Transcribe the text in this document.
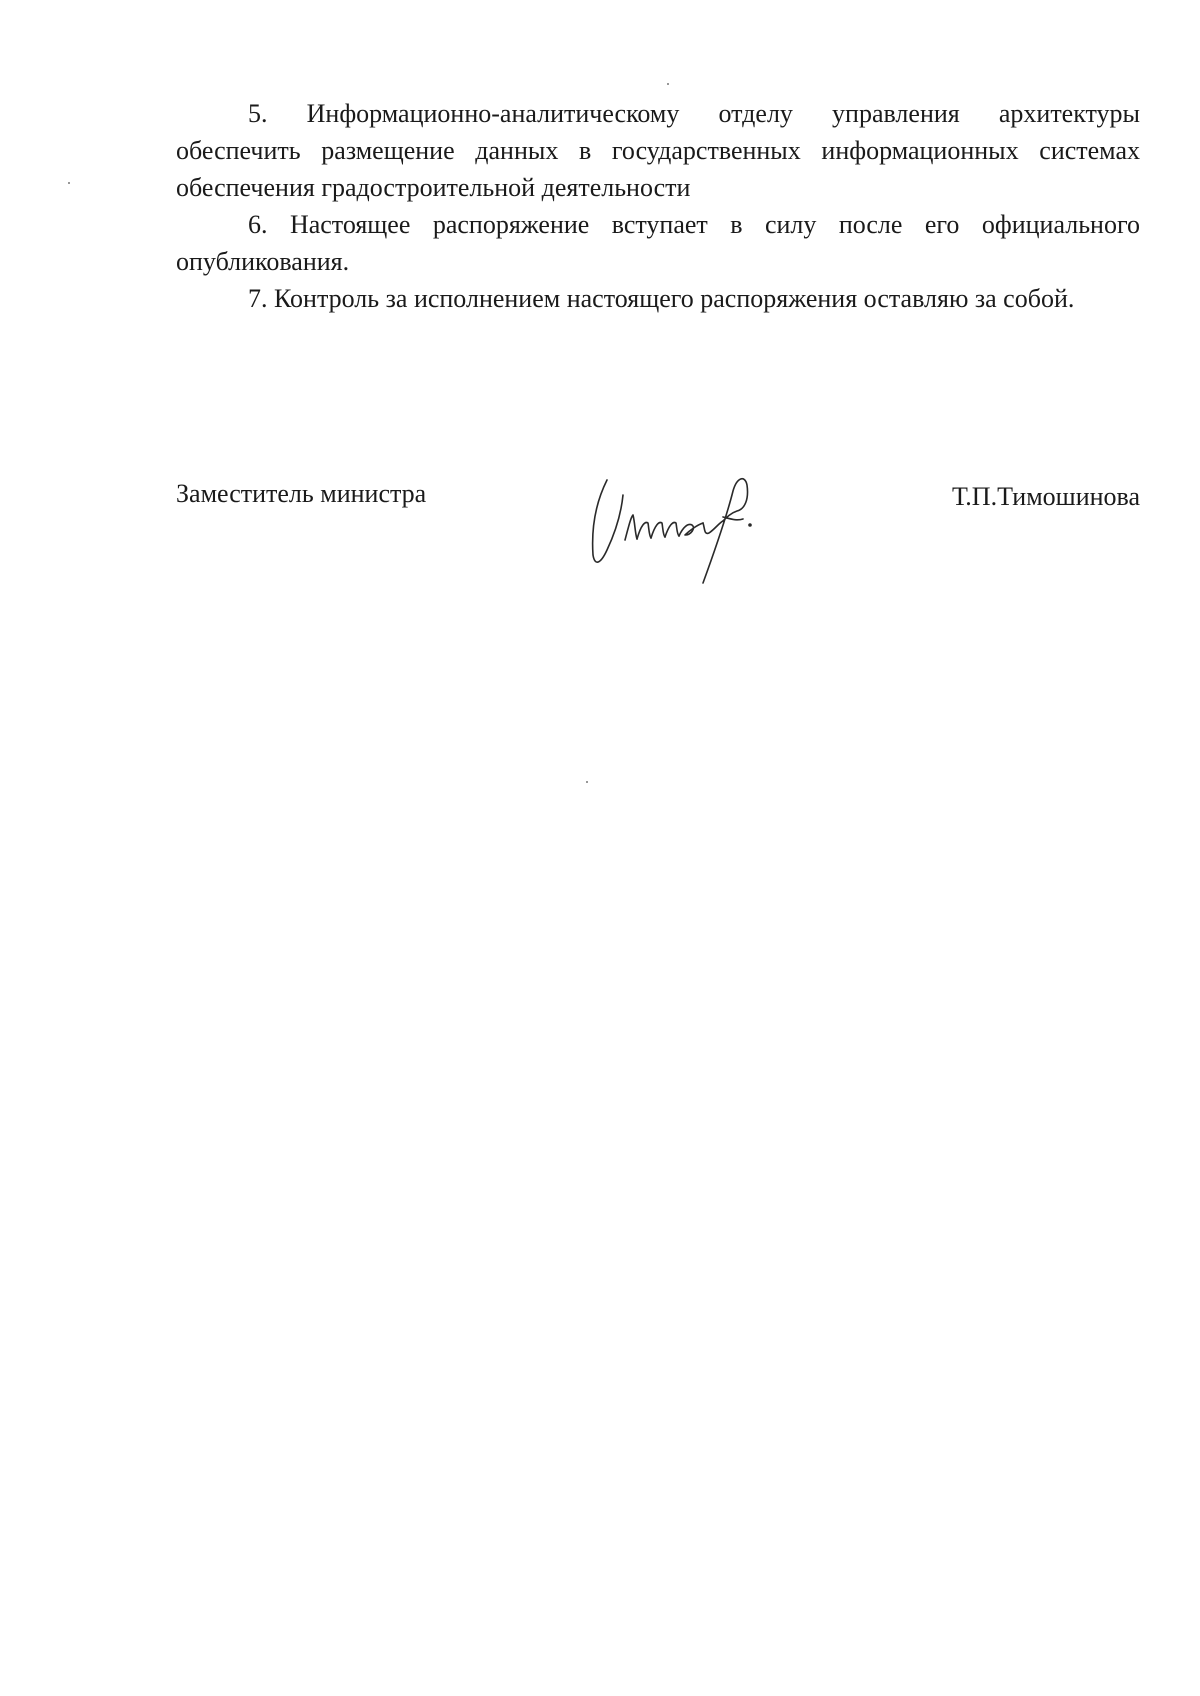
5. Информационно-аналитическому отделу управления архитектуры обеспечить размещение данных в государственных информационных системах обеспечения градостроительной деятельности

6. Настоящее распоряжение вступает в силу после его официального опубликования.

7. Контроль за исполнением настоящего распоряжения оставляю за собой.

Заместитель министра	Т.П.Тимошинова
